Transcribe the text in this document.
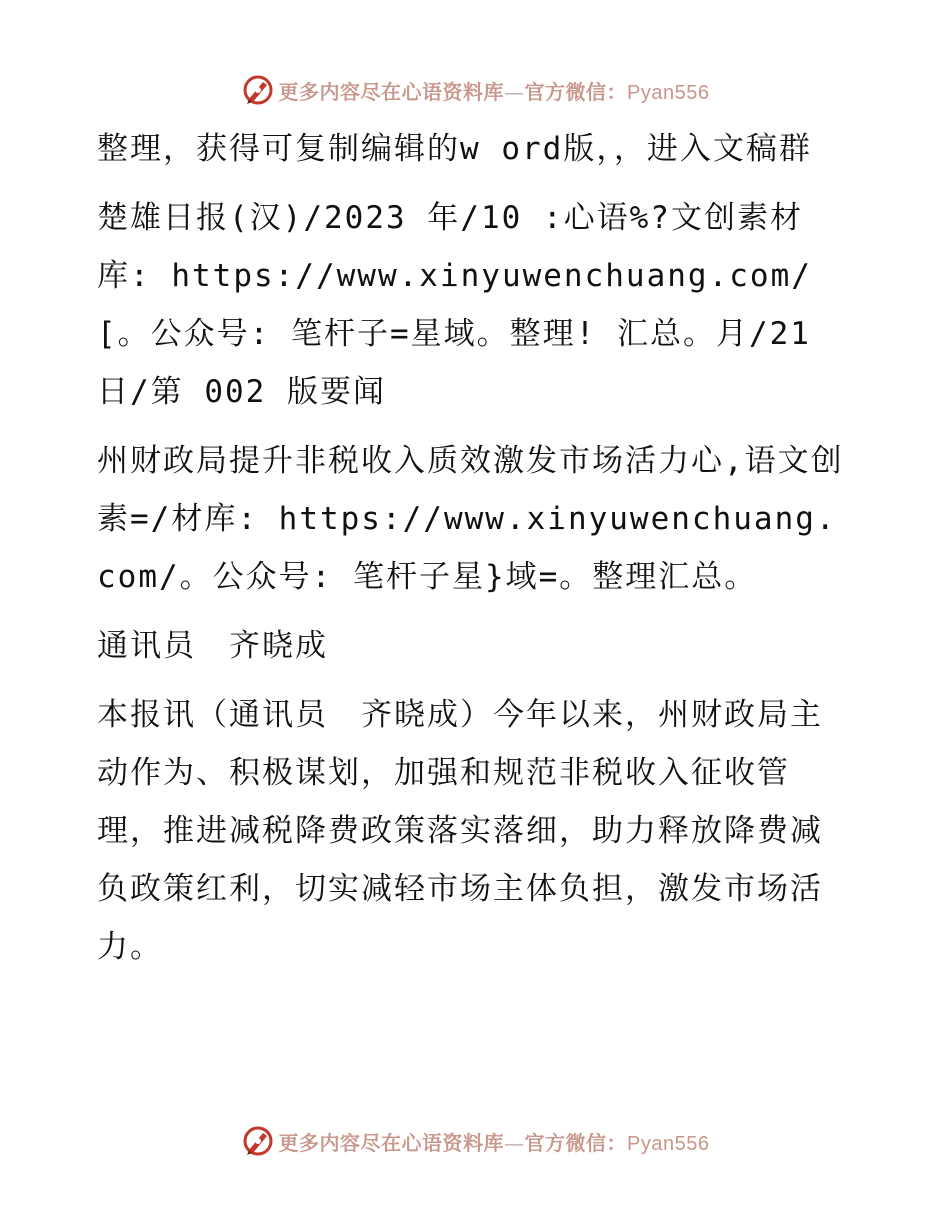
更多内容尽在心语资料库—官方微信：Pyan556

整理，获得可复制编辑的w ord版，，进入文稿群

楚雄日报(汉)/2023 年/10 :心语%?文创素材库: https://www.xinyuwenchuang.com/[。公众号: 笔杆子=星域。整理! 汇总。月/21 日/第 002 版要闻

州财政局提升非税收入质效激发市场活力心,语文创素=/材库: https://www.xinyuwenchuang.com/。公众号: 笔杆子星}域=。整理汇总。

通讯员　齐晓成

本报讯（通讯员　齐晓成）今年以来，州财政局主动作为、积极谋划，加强和规范非税收入征收管理，推进减税降费政策落实落细，助力释放降费减负政策红利，切实减轻市场主体负担，激发市场活力。

更多内容尽在心语资料库—官方微信：Pyan556
